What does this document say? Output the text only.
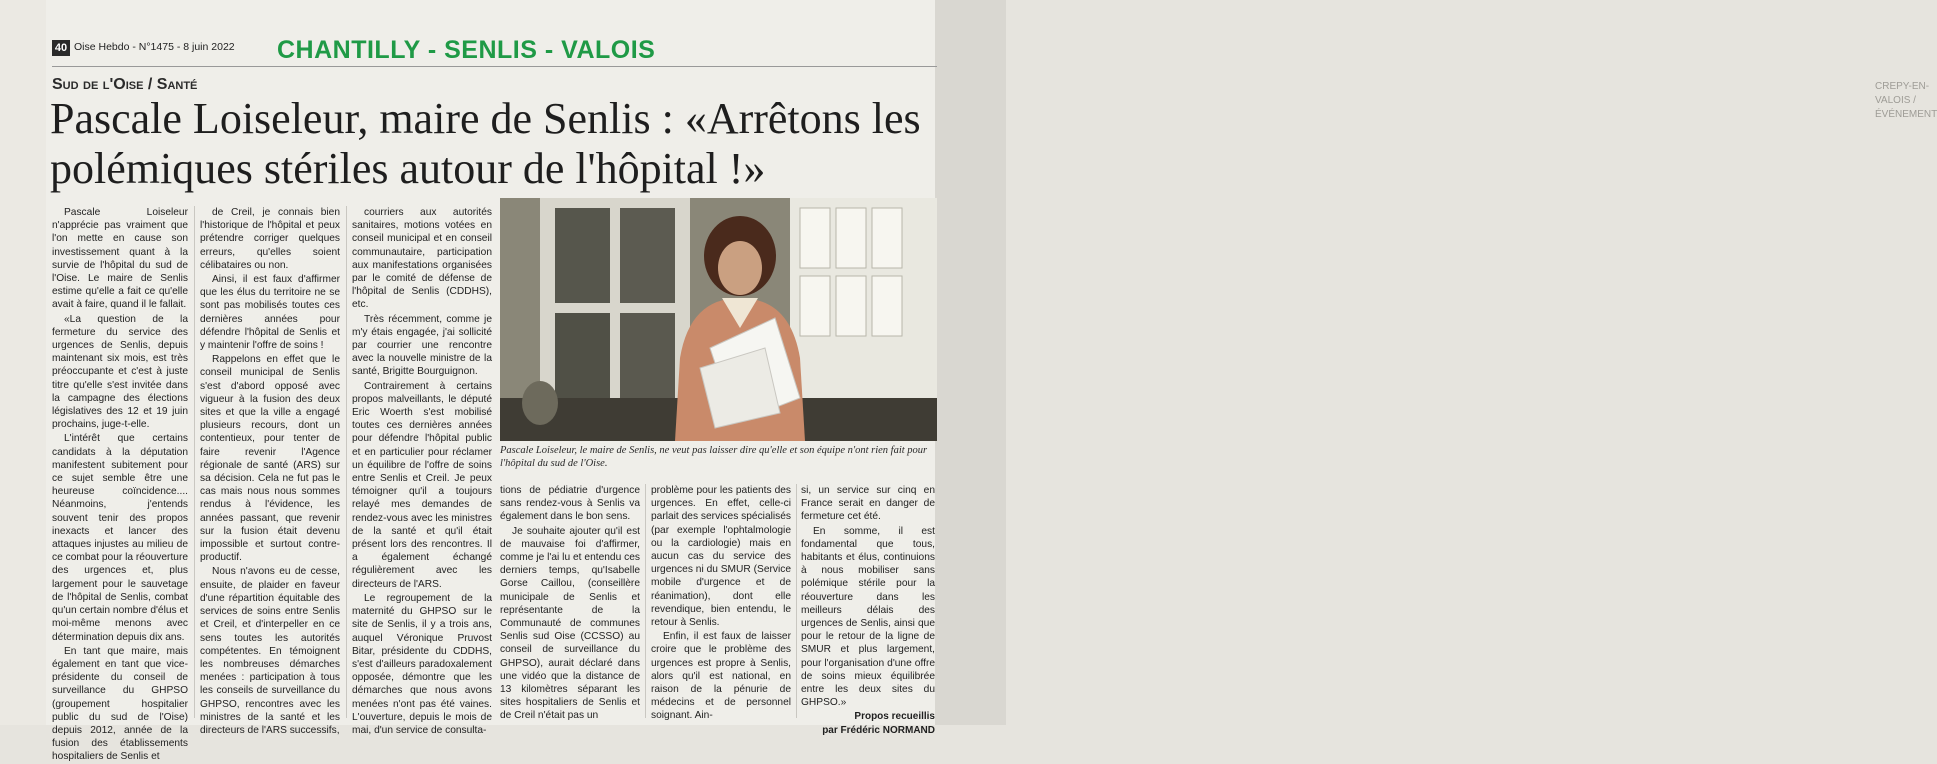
CREPY-EN-VALOIS / ÉVÉNEMENT
40 Oise Hebdo - N°1475 - 8 juin 2022 CHANTILLY - SENLIS - VALOIS
Sud de l'Oise / Santé
Pascale Loiseleur, maire de Senlis : «Arrêtons les polémiques stériles autour de l'hôpital !»

Pascale Loiseleur n'apprécie pas vraiment que l'on mette en cause son investissement quant à la survie de l'hôpital du sud de l'Oise. Le maire de Senlis estime qu'elle a fait ce qu'elle avait à faire, quand il le fallait.

«La question de la fermeture du service des urgences de Senlis, depuis maintenant six mois, est très préoccupante et c'est à juste titre qu'elle s'est invitée dans la campagne des élections législatives des 12 et 19 juin prochains, juge-t-elle.

L'intérêt que certains candidats à la députation manifestent subitement pour ce sujet semble être une heureuse coïncidence.... Néanmoins, j'entends souvent tenir des propos inexacts et lancer des attaques injustes au milieu de ce combat pour la réouverture des urgences et, plus largement pour le sauvetage de l'hôpital de Senlis, combat qu'un certain nombre d'élus et moi-même menons avec détermination depuis dix ans.

En tant que maire, mais également en tant que vice-présidente du conseil de surveillance du GHPSO (groupement hospitalier public du sud de l'Oise) depuis 2012, année de la fusion des établissements hospitaliers de Senlis et

de Creil, je connais bien l'historique de l'hôpital et peux prétendre corriger quelques erreurs, qu'elles soient célibataires ou non.

Ainsi, il est faux d'affirmer que les élus du territoire ne se sont pas mobilisés toutes ces dernières années pour défendre l'hôpital de Senlis et y maintenir l'offre de soins !

Rappelons en effet que le conseil municipal de Senlis s'est d'abord opposé avec vigueur à la fusion des deux sites et que la ville a engagé plusieurs recours, dont un contentieux, pour tenter de faire revenir l'Agence régionale de santé (ARS) sur sa décision. Cela ne fut pas le cas mais nous nous sommes rendus à l'évidence, les années passant, que revenir sur la fusion était devenu impossible et surtout contre-productif.

Nous n'avons eu de cesse, ensuite, de plaider en faveur d'une répartition équitable des services de soins entre Senlis et Creil, et d'interpeller en ce sens toutes les autorités compétentes. En témoignent les nombreuses démarches menées : participation à tous les conseils de surveillance du GHPSO, rencontres avec les ministres de la santé et les directeurs de l'ARS successifs,

courriers aux autorités sanitaires, motions votées en conseil municipal et en conseil communautaire, participation aux manifestations organisées par le comité de défense de l'hôpital de Senlis (CDDHS), etc.

Très récemment, comme je m'y étais engagée, j'ai sollicité par courrier une rencontre avec la nouvelle ministre de la santé, Brigitte Bourguignon.

Contrairement à certains propos malveillants, le député Eric Woerth s'est mobilisé toutes ces dernières années pour défendre l'hôpital public et en particulier pour réclamer un équilibre de l'offre de soins entre Senlis et Creil. Je peux témoigner qu'il a toujours relayé mes demandes de rendez-vous avec les ministres de la santé et qu'il était présent lors des rencontres. Il a également échangé régulièrement avec les directeurs de l'ARS.

Le regroupement de la maternité du GHPSO sur le site de Senlis, il y a trois ans, auquel Véronique Pruvost Bitar, présidente du CDDHS, s'est d'ailleurs paradoxalement opposée, démontre que les démarches que nous avons menées n'ont pas été vaines. L'ouverture, depuis le mois de mai, d'un service de consulta-

Pascale Loiseleur, le maire de Senlis, ne veut pas laisser dire qu'elle et son équipe n'ont rien fait pour l'hôpital du sud de l'Oise.

tions de pédiatrie d'urgence sans rendez-vous à Senlis va également dans le bon sens.

Je souhaite ajouter qu'il est de mauvaise foi d'affirmer, comme je l'ai lu et entendu ces derniers temps, qu'Isabelle Gorse Caillou, (conseillère municipale de Senlis et représentante de la Communauté de communes Senlis sud Oise (CCSSO) au conseil de surveillance du GHPSO), aurait déclaré dans une vidéo que la distance de 13 kilomètres séparant les sites hospitaliers de Senlis et de Creil n'était pas un

problème pour les patients des urgences. En effet, celle-ci parlait des services spécialisés (par exemple l'ophtalmologie ou la cardiologie) mais en aucun cas du service des urgences ni du SMUR (Service mobile d'urgence et de réanimation), dont elle revendique, bien entendu, le retour à Senlis.

Enfin, il est faux de laisser croire que le problème des urgences est propre à Senlis, alors qu'il est national, en raison de la pénurie de médecins et de personnel soignant. Ain-

si, un service sur cinq en France serait en danger de fermeture cet été.

En somme, il est fondamental que tous, habitants et élus, continuions à nous mobiliser sans polémique stérile pour la réouverture dans les meilleurs délais des urgences de Senlis, ainsi que pour le retour de la ligne de SMUR et plus largement, pour l'organisation d'une offre de soins mieux équilibrée entre les deux sites du GHPSO.»

Propos recueillis

par Frédéric NORMAND
